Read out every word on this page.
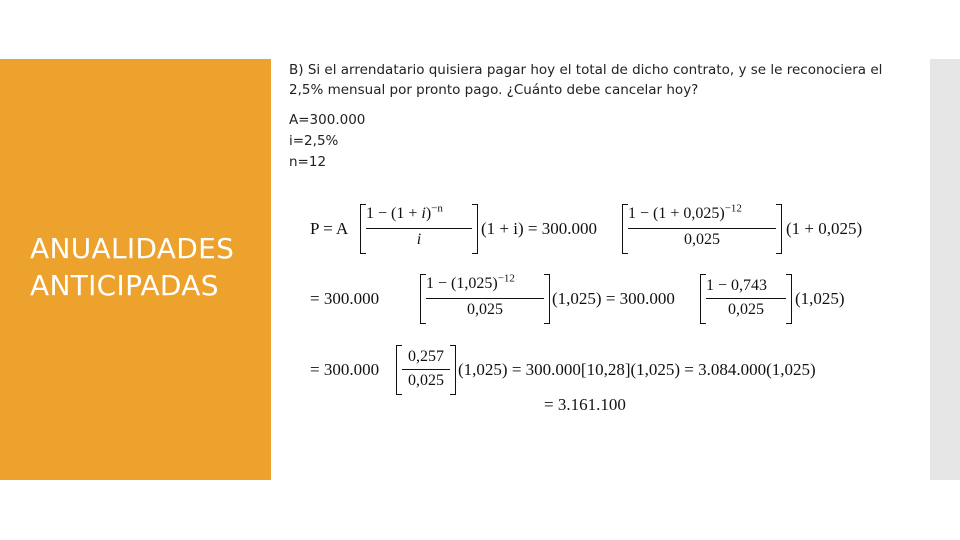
ANUALIDADES
ANTICIPADAS
B) Si el arrendatario quisiera pagar hoy el total de dicho contrato, y se le reconociera el 2,5% mensual por pronto pago. ¿Cuánto debe cancelar hoy?
A=300.000
i=2,5%
n=12
P = A
$1 - (1 + i)^{-n}$
i
(1 + i) = 300.000
$1 - (1 + 0,025)^{-12}$
0,025
(1 + 0,025)
= 300.000
$1 - (1,025)^{-12}$
0,025
(1,025) = 300.000
1 − 0,743
0,025
(1,025)
= 300.000
0,257
0,025
(1,025) = 300.000[10,28](1,025) = 3.084.000(1,025)
= 3.161.100
